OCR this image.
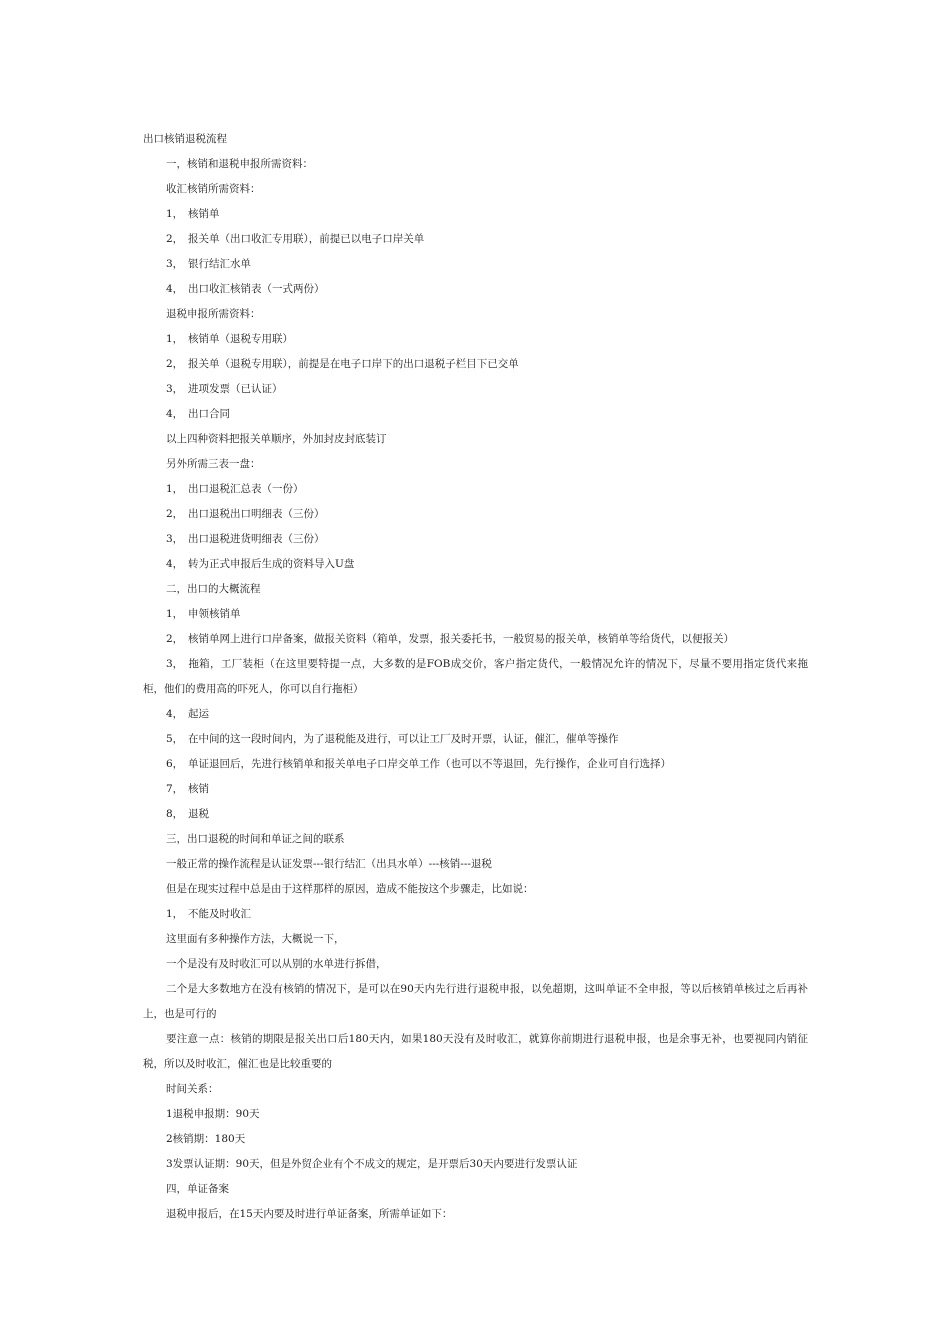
出口核销退税流程
一，核销和退税申报所需资料：
收汇核销所需资料：
1， 核销单
2， 报关单（出口收汇专用联），前提已以电子口岸关单
3， 银行结汇水单
4， 出口收汇核销表（一式两份）
退税申报所需资料：
1， 核销单（退税专用联）
2， 报关单（退税专用联），前提是在电子口岸下的出口退税子栏目下已交单
3， 进项发票（已认证）
4， 出口合同
以上四种资料把报关单顺序，外加封皮封底装订
另外所需三表一盘：
1， 出口退税汇总表（一份）
2， 出口退税出口明细表（三份）
3， 出口退税进货明细表（三份）
4， 转为正式申报后生成的资料导入U盘
二，出口的大概流程
1， 申领核销单
2， 核销单网上进行口岸备案，做报关资料（箱单，发票，报关委托书，一般贸易的报关单，核销单等给货代，以便报关）
3， 拖箱，工厂装柜（在这里要特提一点，大多数的是FOB成交价，客户指定货代，一般情况允许的情况下，尽量不要用指定货代来拖柜，他们的费用高的吓死人，你可以自行拖柜）
4， 起运
5， 在中间的这一段时间内，为了退税能及进行，可以让工厂及时开票，认证，催汇，催单等操作
6， 单证退回后，先进行核销单和报关单电子口岸交单工作（也可以不等退回，先行操作，企业可自行选择）
7， 核销
8， 退税
三，出口退税的时间和单证之间的联系
一般正常的操作流程是认证发票---银行结汇（出具水单）---核销---退税
但是在现实过程中总是由于这样那样的原因，造成不能按这个步骤走，比如说：
1， 不能及时收汇
这里面有多种操作方法，大概说一下，
一个是没有及时收汇可以从别的水单进行拆借，
二个是大多数地方在没有核销的情况下，是可以在90天内先行进行退税申报，以免超期，这叫单证不全申报，等以后核销单核过之后再补上，也是可行的
要注意一点：核销的期限是报关出口后180天内，如果180天没有及时收汇，就算你前期进行退税申报，也是余事无补，也要视同内销征税，所以及时收汇，催汇也是比较重要的
时间关系：
1退税申报期：90天
2核销期：180天
3发票认证期：90天，但是外贸企业有个不成文的规定，是开票后30天内要进行发票认证
四，单证备案
退税申报后，在15天内要及时进行单证备案，所需单证如下：
